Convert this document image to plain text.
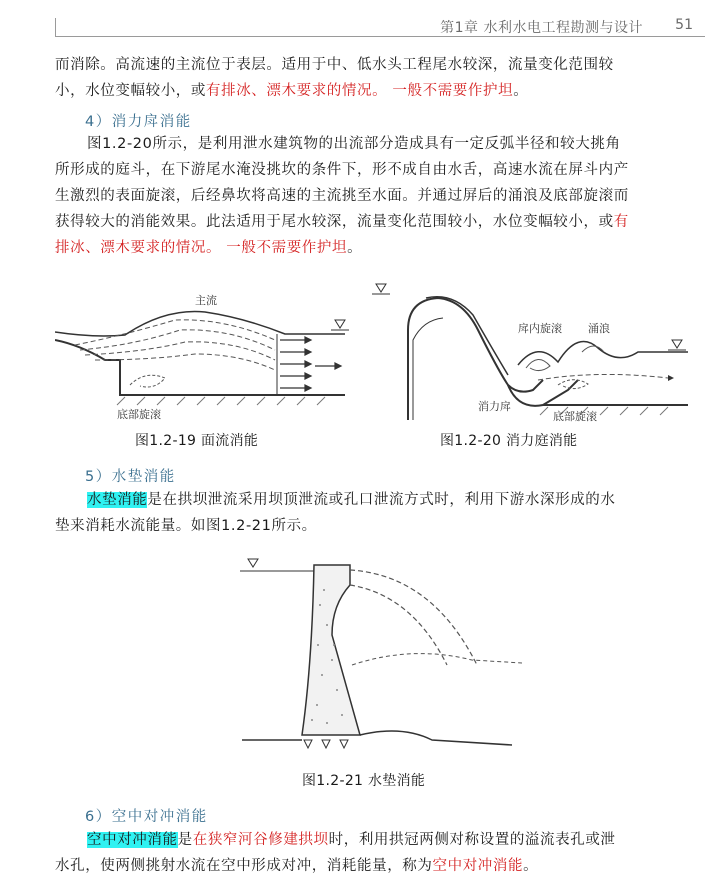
第1章 水利水电工程勘测与设计 51
而消除。高流速的主流位于表层。适用于中、低水头工程尾水较深，流量变化范围较
小，水位变幅较小，或有排冰、漂木要求的情况。 一般不需要作护坦。
4）消力戽消能
图1.2-20所示，是利用泄水建筑物的出流部分造成具有一定反弧半径和较大挑角
所形成的庭斗，在下游尾水淹没挑坎的条件下，形不成自由水舌，高速水流在屏斗内产
生激烈的表面旋滚，后经鼻坎将高速的主流挑至水面。并通过屏后的涌浪及底部旋滚而
获得较大的消能效果。此法适用于尾水较深，流量变化范围较小，水位变幅较小，或有
排冰、漂木要求的情况。 一般不需要作护坦。
主流
底部旋滚
图1.2-19 面流消能
戽内旋滚 涌浪
消力戽
底部旋滚
图1.2-20 消力庭消能
5）水垫消能
水垫消能是在拱坝泄流采用坝顶泄流或孔口泄流方式时，利用下游水深形成的水
垫来消耗水流能量。如图1.2-21所示。
图1.2-21 水垫消能
6）空中对冲消能
空中对冲消能是在狭窄河谷修建拱坝时，利用拱冠两侧对称设置的溢流表孔或泄
水孔，使两侧挑射水流在空中形成对冲，消耗能量，称为空中对冲消能。
